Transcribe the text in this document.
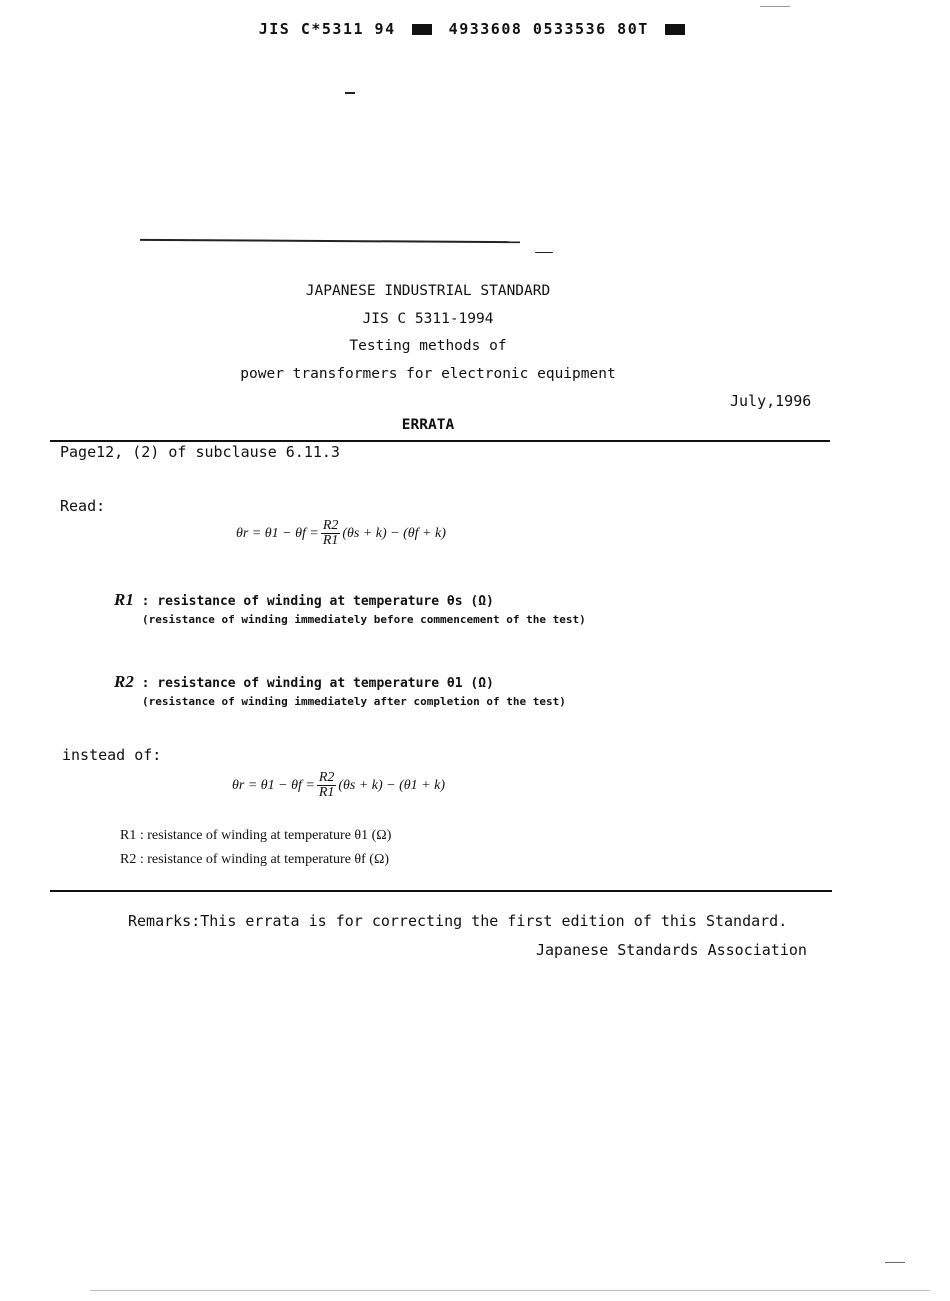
JIS C*5311 94	4933608 0533536 80T
JAPANESE INDUSTRIAL STANDARD
JIS C 5311-1994
Testing methods of
power transformers for electronic equipment
July,1996
ERRATA
Page12, (2) of subclause 6.11.3
Read:
$\theta r = \theta 1 - \theta f = \frac{R2}{R1} (\theta s + k) - (\theta f + k)$
R1 : resistance of winding at temperature θs (Ω)
(resistance of winding immediately before commencement of the test)
R2 : resistance of winding at temperature θ1 (Ω)
(resistance of winding immediately after completion of the test)
instead of:
$\theta r = \theta 1 - \theta f = \frac{R2}{R1} (\theta s + k) - (\theta 1 + k)$
R1 : resistance of winding at temperature θ1 (Ω)
R2 : resistance of winding at temperature θf (Ω)
Remarks:This errata is for correcting the first edition of this Standard.
Japanese Standards Association
